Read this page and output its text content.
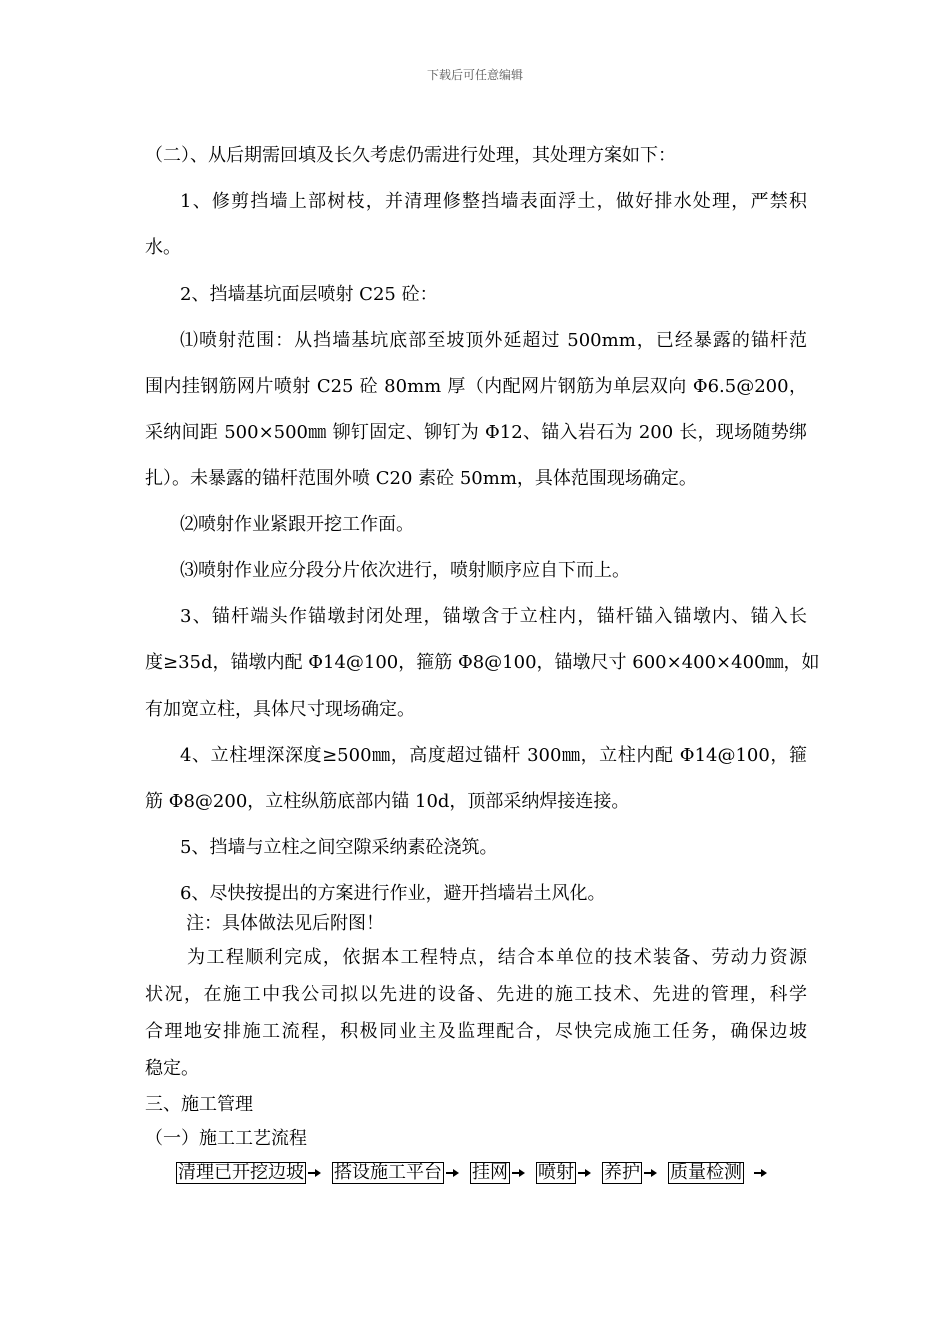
下载后可任意编辑
（二）、从后期需回填及长久考虑仍需进行处理，其处理方案如下：
1、修剪挡墙上部树枝，并清理修整挡墙表面浮土，做好排水处理，严禁积
水。
2、挡墙基坑面层喷射 C25 砼：
⑴喷射范围：从挡墙基坑底部至坡顶外延超过 500mm，已经暴露的锚杆范
围内挂钢筋网片喷射 C25 砼 80mm 厚（内配网片钢筋为单层双向 Φ6.5@200，
采纳间距 500×500㎜ 铆钉固定、铆钉为 Φ12、锚入岩石为 200 长，现场随势绑
扎）。未暴露的锚杆范围外喷 C20 素砼 50mm，具体范围现场确定。
⑵喷射作业紧跟开挖工作面。
⑶喷射作业应分段分片依次进行，喷射顺序应自下而上。
3、锚杆端头作锚墩封闭处理，锚墩含于立柱内，锚杆锚入锚墩内、锚入长
度≥35d，锚墩内配 Φ14@100，箍筋 Φ8@100，锚墩尺寸 600×400×400㎜，如
有加宽立柱，具体尺寸现场确定。
4、立柱埋深深度≥500㎜，高度超过锚杆 300㎜，立柱内配 Φ14@100，箍
筋 Φ8@200，立柱纵筋底部内锚 10d，顶部采纳焊接连接。
5、挡墙与立柱之间空隙采纳素砼浇筑。
6、尽快按提出的方案进行作业，避开挡墙岩土风化。
注：具体做法见后附图！
为工程顺利完成，依据本工程特点，结合本单位的技术装备、劳动力资源
状况，在施工中我公司拟以先进的设备、先进的施工技术、先进的管理，科学
合理地安排施工流程，积极同业主及监理配合，尽快完成施工任务，确保边坡
稳定。
三、施工管理
（一）施工工艺流程
清理已开挖边坡 搭设施工平台 挂网 喷射 养护 质量检测
